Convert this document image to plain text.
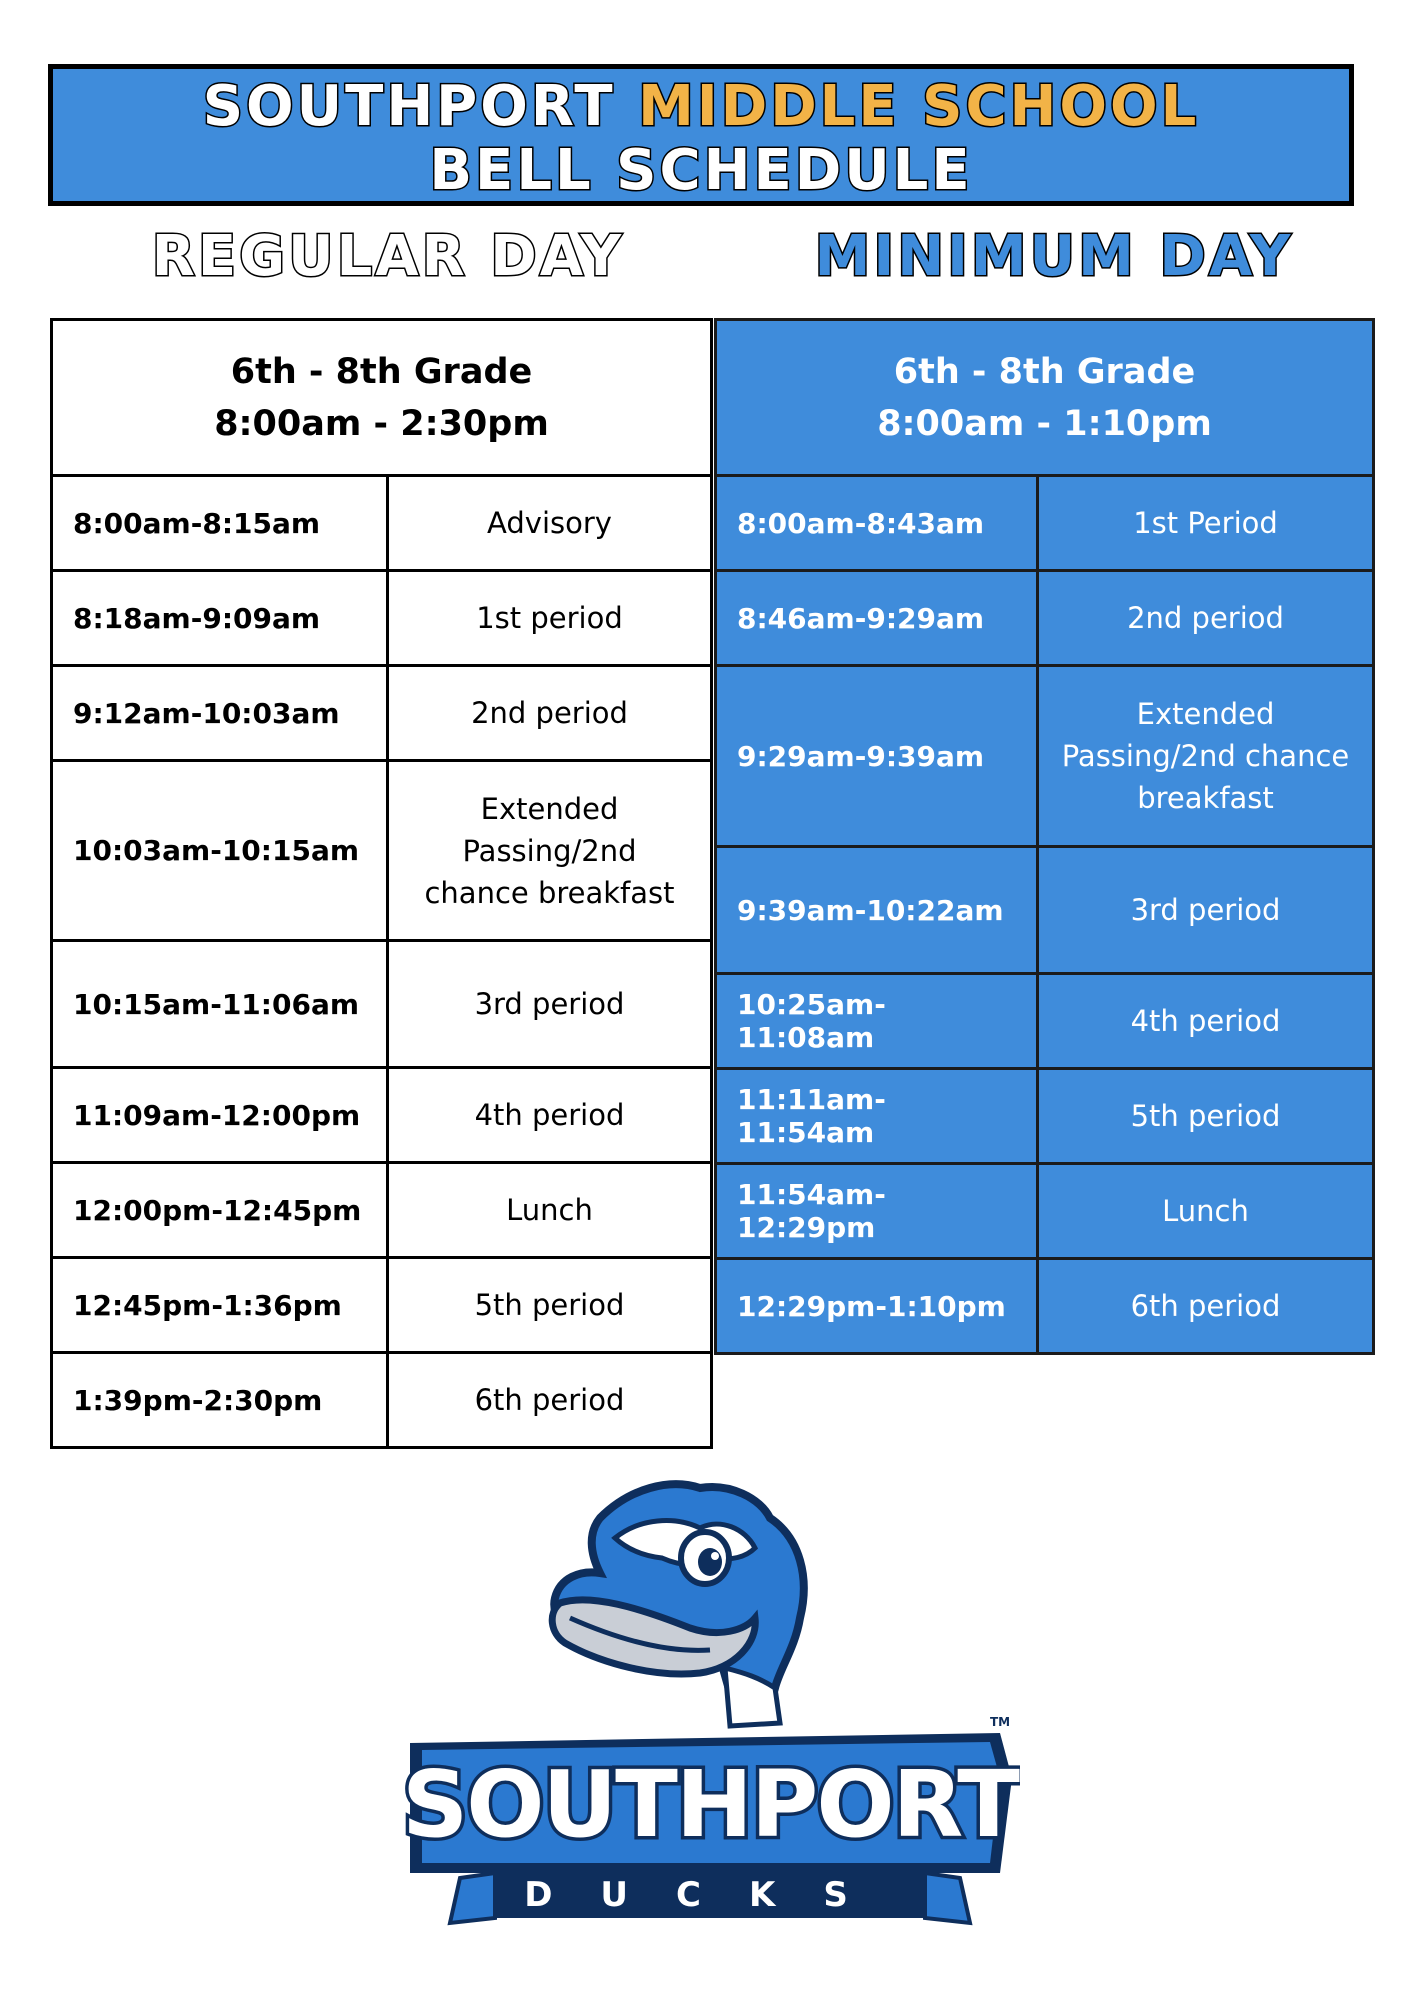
SOUTHPORT MIDDLE SCHOOL
BELL SCHEDULE
REGULAR DAY	MINIMUM DAY
6th - 8th Grade
8:00am - 2:30pm	

8:00am-8:15am	Advisory
8:18am-9:09am	1st period
9:12am-10:03am	2nd period
10:03am-10:15am	Extended Passing/2nd chance breakfast
10:15am-11:06am	3rd period
11:09am-12:00pm	4th period
12:00pm-12:45pm	Lunch
12:45pm-1:36pm	5th period
1:39pm-2:30pm	6th period
6th - 8th Grade
8:00am - 1:10pm	

8:00am-8:43am	1st Period
8:46am-9:29am	2nd period
9:29am-9:39am	Extended Passing/2nd chance breakfast
9:39am-10:22am	3rd period
10:25am-11:08am	4th period
11:11am-11:54am	5th period
11:54am-12:29pm	Lunch
12:29pm-1:10pm	6th period
SOUTHPORT
TM
DUCKS
